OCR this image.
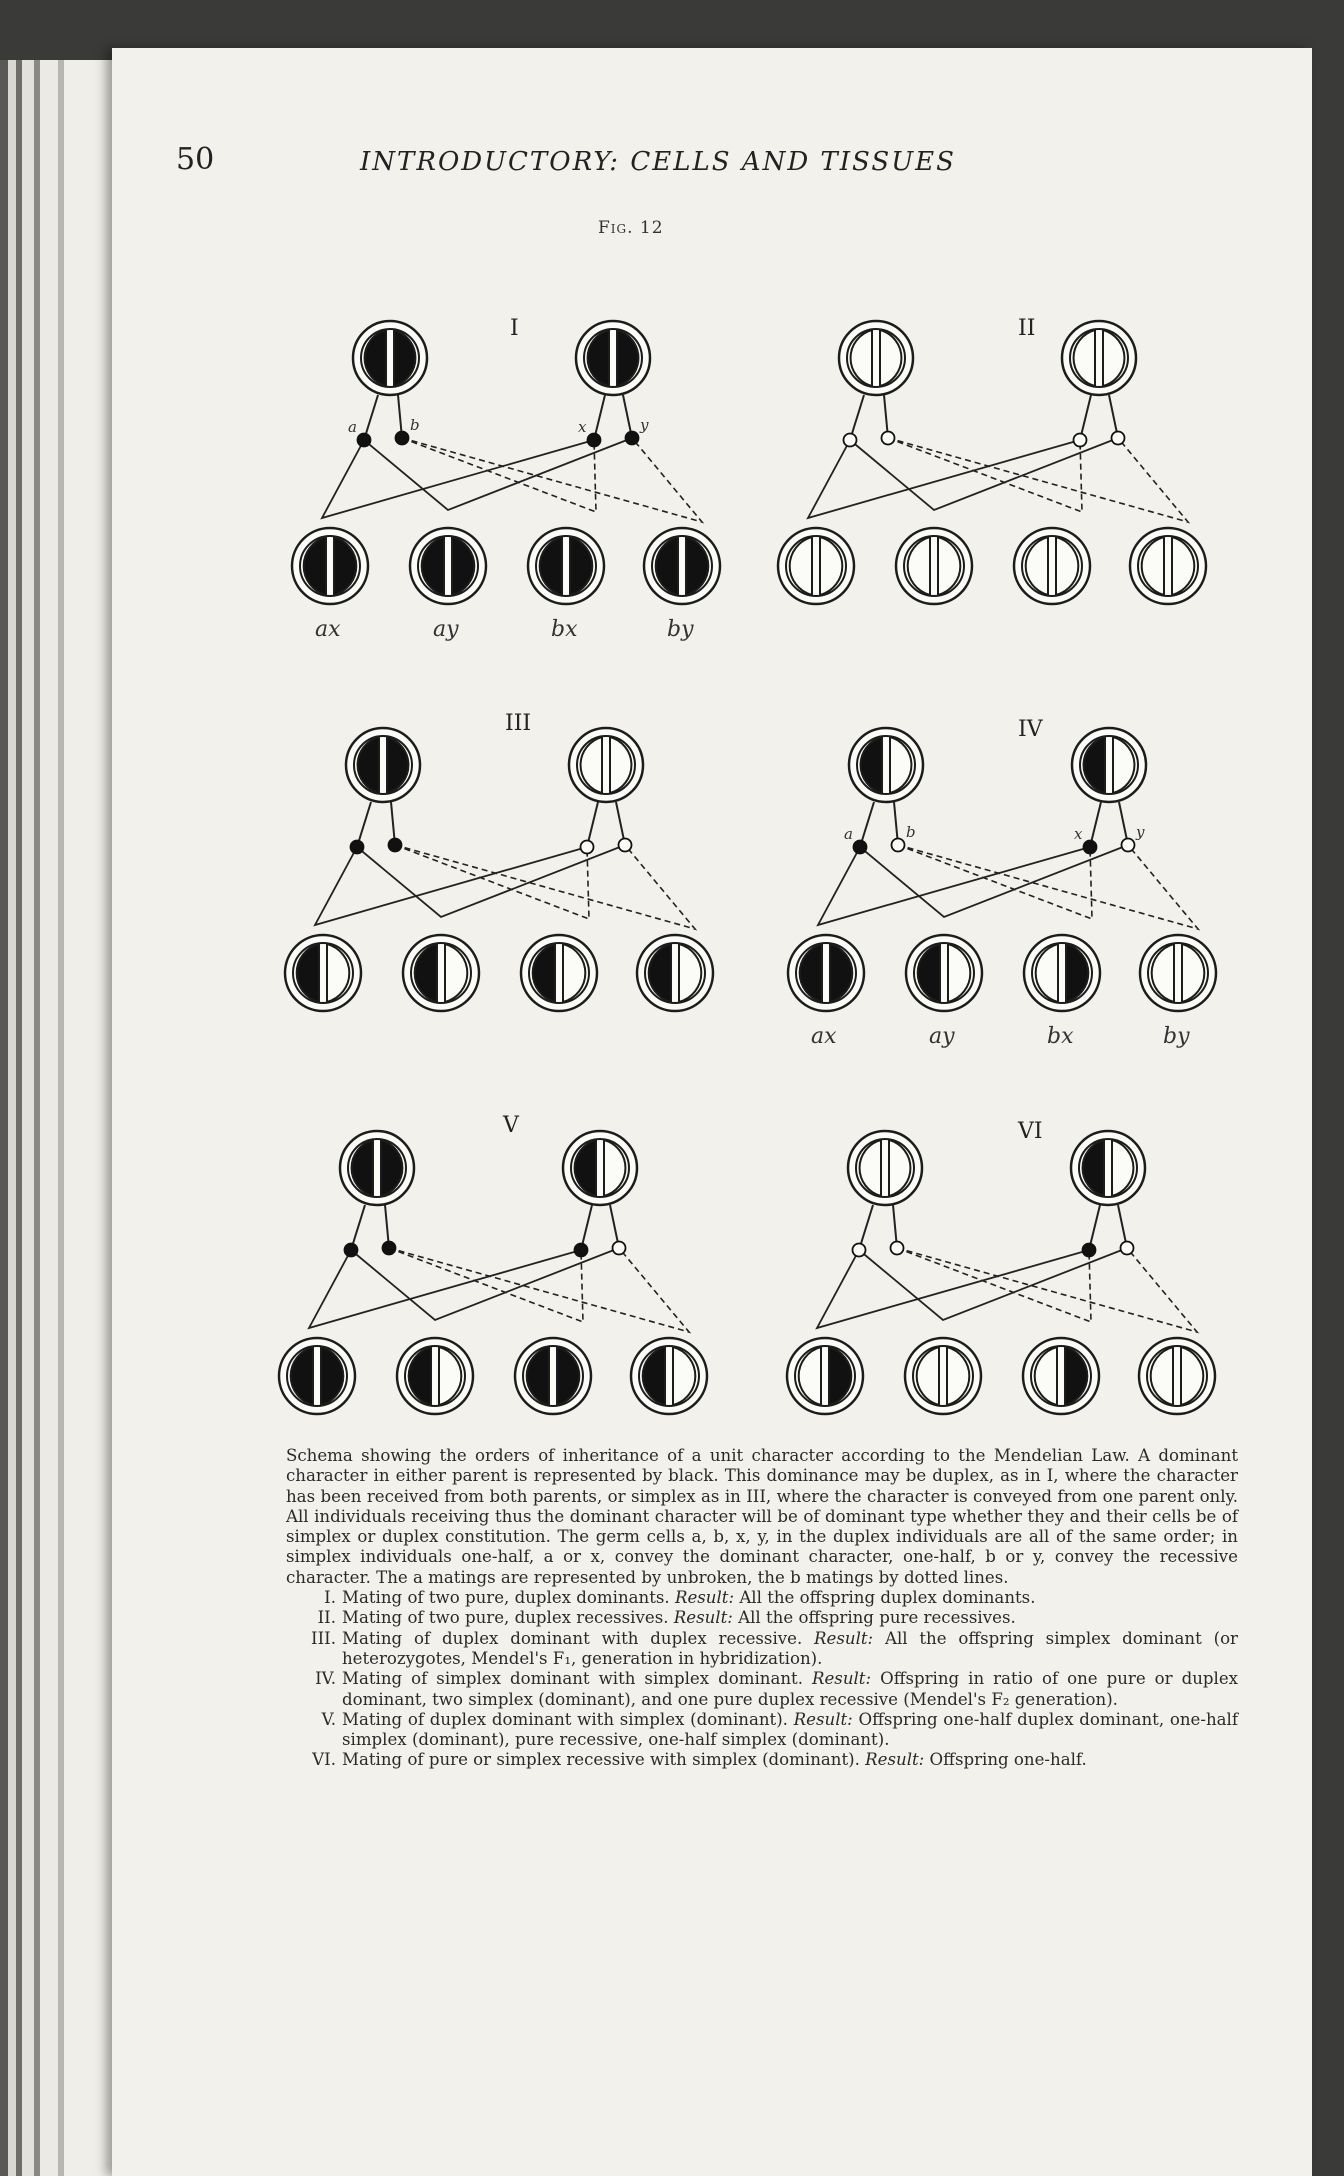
50	INTRODUCTORY: CELLS AND TISSUES
Fig. 12
I
a	b	x	y
ax	ay	bx	by
II
III	IV
a	b	x	y
ax	ay	bx	by
V	VI

Schema showing the orders of inheritance of a unit character according to the Mendelian Law. A dominant character in either parent is represented by black. This dominance may be duplex, as in I, where the character has been received from both parents, or simplex as in III, where the character is conveyed from one parent only. All individuals receiving thus the dominant character will be of dominant type whether they and their cells be of simplex or duplex constitution. The germ cells a, b, x, y, in the duplex individuals are all of the same order; in simplex individuals one-half, a or x, convey the dominant character, one-half, b or y, convey the recessive character. The a matings are represented by unbroken, the b matings by dotted lines.

I. Mating of two pure, duplex dominants. Result: All the offspring duplex dominants.
II. Mating of two pure, duplex recessives. Result: All the offspring pure recessives.
III. Mating of duplex dominant with duplex recessive. Result: All the offspring simplex dominant (or heterozygotes, Mendel's F₁, generation in hybridization).
IV. Mating of simplex dominant with simplex dominant. Result: Offspring in ratio of one pure or duplex dominant, two simplex (dominant), and one pure duplex recessive (Mendel's F₂ generation).
V. Mating of duplex dominant with simplex (dominant). Result: Offspring one-half duplex dominant, one-half simplex (dominant), pure recessive, one-half simplex (dominant).
VI. Mating of pure or simplex recessive with simplex (dominant). Result: Offspring one-half.
